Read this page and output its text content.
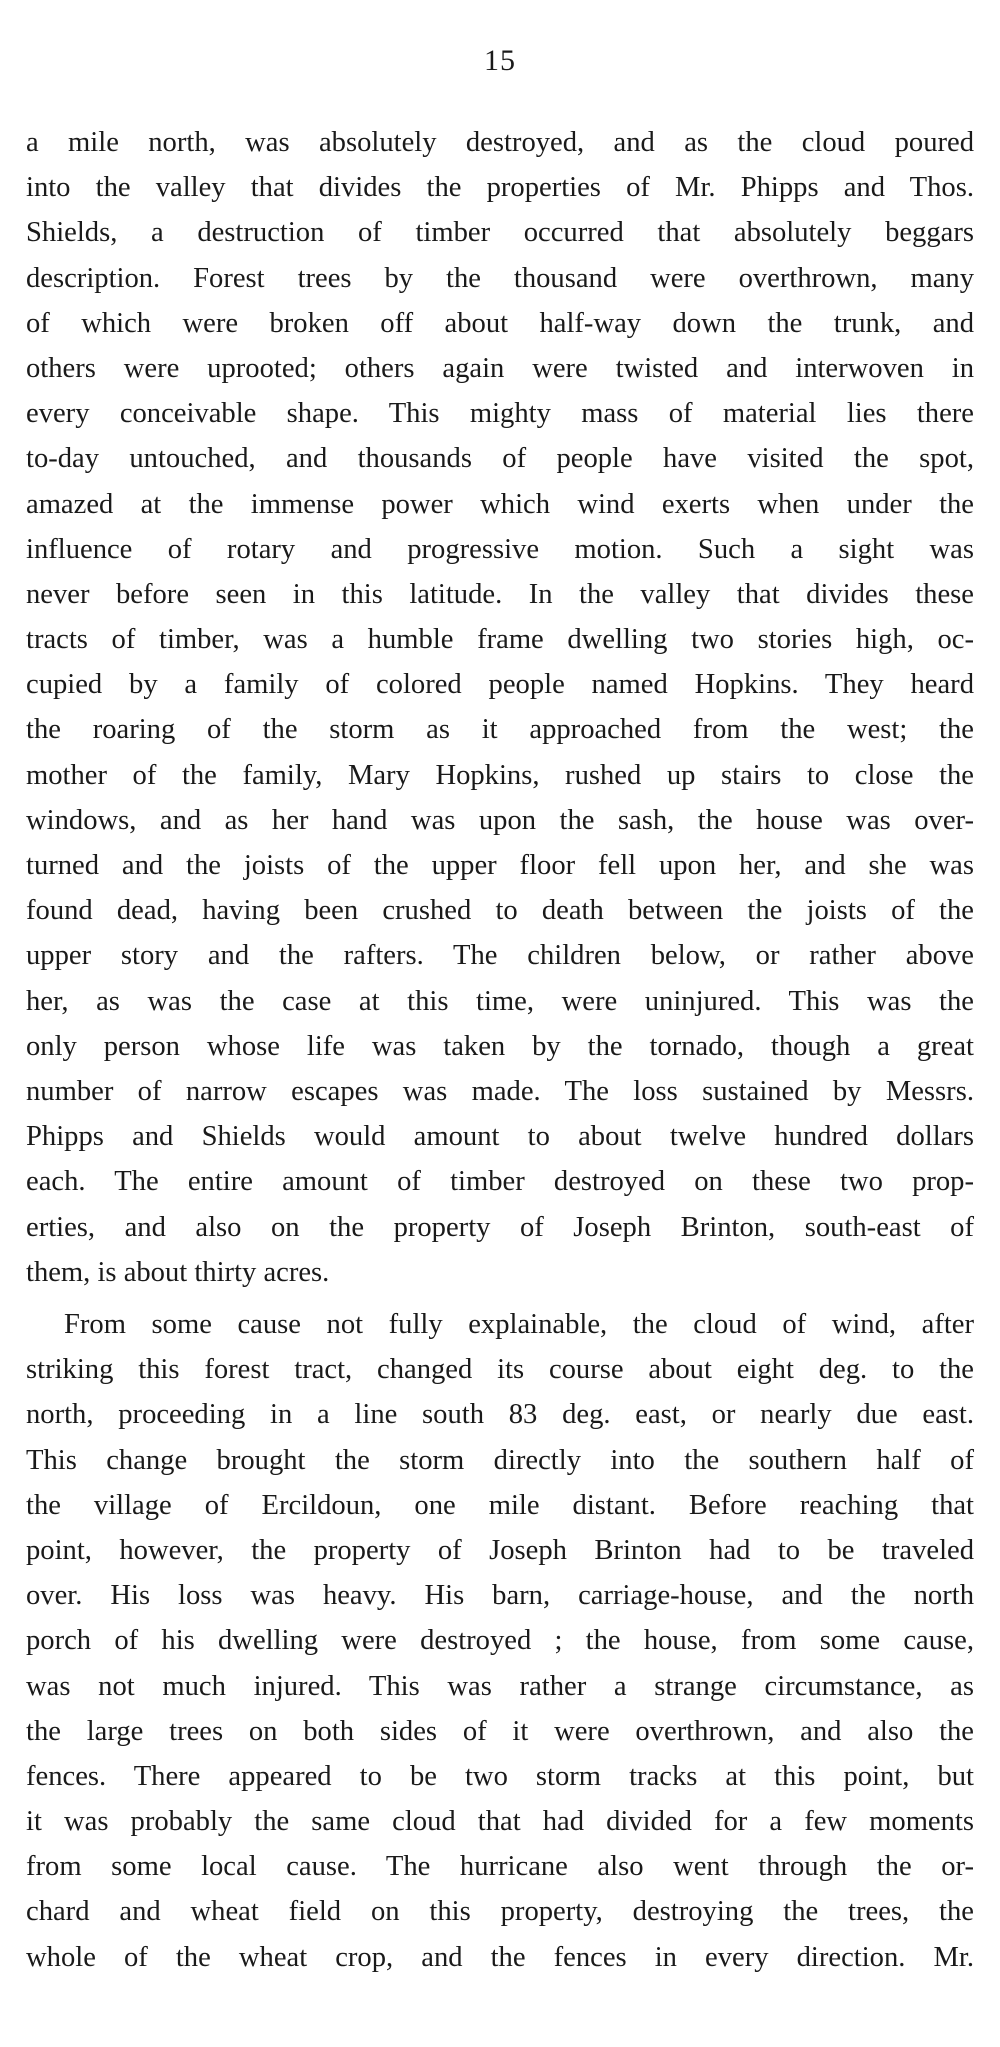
15
a mile north, was absolutely destroyed, and as the cloud poured
into the valley that divides the properties of Mr. Phipps and Thos.
Shields, a destruction of timber occurred that absolutely beggars
description. Forest trees by the thousand were overthrown, many
of which were broken off about half-way down the trunk, and
others were uprooted; others again were twisted and interwoven in
every conceivable shape. This mighty mass of material lies there
to-day untouched, and thousands of people have visited the spot,
amazed at the immense power which wind exerts when under the
influence of rotary and progressive motion. Such a sight was
never before seen in this latitude. In the valley that divides these
tracts of timber, was a humble frame dwelling two stories high, oc-
cupied by a family of colored people named Hopkins. They heard
the roaring of the storm as it approached from the west; the
mother of the family, Mary Hopkins, rushed up stairs to close the
windows, and as her hand was upon the sash, the house was over-
turned and the joists of the upper floor fell upon her, and she was
found dead, having been crushed to death between the joists of the
upper story and the rafters. The children below, or rather above
her, as was the case at this time, were uninjured. This was the
only person whose life was taken by the tornado, though a great
number of narrow escapes was made. The loss sustained by Messrs.
Phipps and Shields would amount to about twelve hundred dollars
each. The entire amount of timber destroyed on these two prop-
erties, and also on the property of Joseph Brinton, south-east of
them, is about thirty acres.
From some cause not fully explainable, the cloud of wind, after
striking this forest tract, changed its course about eight deg. to the
north, proceeding in a line south 83 deg. east, or nearly due east.
This change brought the storm directly into the southern half of
the village of Ercildoun, one mile distant. Before reaching that
point, however, the property of Joseph Brinton had to be traveled
over. His loss was heavy. His barn, carriage-house, and the north
porch of his dwelling were destroyed ; the house, from some cause,
was not much injured. This was rather a strange circumstance, as
the large trees on both sides of it were overthrown, and also the
fences. There appeared to be two storm tracks at this point, but
it was probably the same cloud that had divided for a few moments
from some local cause. The hurricane also went through the or-
chard and wheat field on this property, destroying the trees, the
whole of the wheat crop, and the fences in every direction. Mr.
